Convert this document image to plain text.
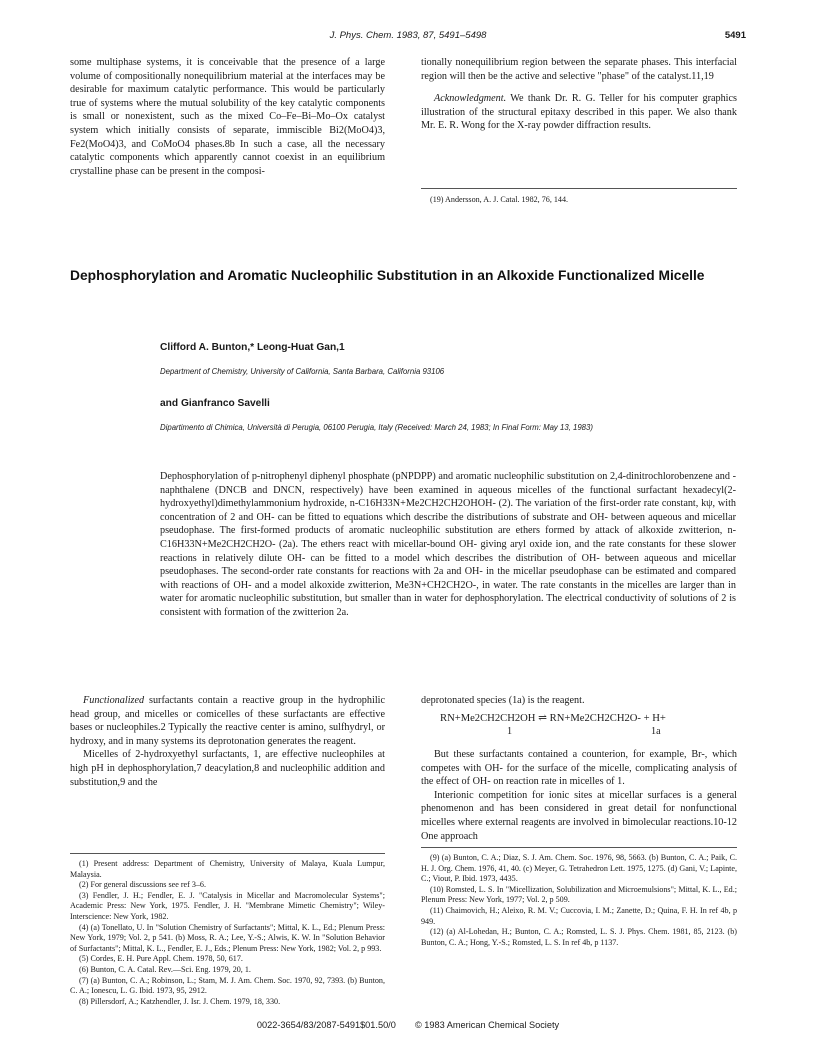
J. Phys. Chem. 1983, 87, 5491–5498	5491

some multiphase systems, it is conceivable that the presence of a large volume of compositionally nonequilibrium material at the interfaces may be desirable for maximum catalytic performance. This would be particularly true of systems where the mutual solubility of the key catalytic components is small or nonexistent, such as the mixed Co–Fe–Bi–Mo–Ox catalyst system which initially consists of separate, immiscible Bi2(MoO4)3, Fe2(MoO4)3, and CoMoO4 phases.8b In such a case, all the necessary catalytic components which apparently cannot coexist in an equilibrium crystalline phase can be present in the composi-

tionally nonequilibrium region between the separate phases. This interfacial region will then be the active and selective "phase" of the catalyst.11,19

Acknowledgment. We thank Dr. R. G. Teller for his computer graphics illustration of the structural epitaxy described in this paper. We also thank Mr. E. R. Wong for the X-ray powder diffraction results.

(19) Andersson, A. J. Catal. 1982, 76, 144.

Dephosphorylation and Aromatic Nucleophilic Substitution in an Alkoxide Functionalized Micelle
Clifford A. Bunton,* Leong-Huat Gan,1
Department of Chemistry, University of California, Santa Barbara, California 93106
and Gianfranco Savelli
Dipartimento di Chimica, Università di Perugia, 06100 Perugia, Italy (Received: March 24, 1983; In Final Form: May 13, 1983)
Dephosphorylation of p-nitrophenyl diphenyl phosphate (pNPDPP) and aromatic nucleophilic substitution on 2,4-dinitrochlorobenzene and -naphthalene (DNCB and DNCN, respectively) have been examined in aqueous micelles of the functional surfactant hexadecyl(2-hydroxyethyl)dimethylammonium hydroxide, n-C16H33N+Me2CH2CH2OHOH- (2). The variation of the first-order rate constant, kψ, with concentration of 2 and OH- can be fitted to equations which describe the distributions of substrate and OH- between aqueous and micellar pseudophase. The first-formed products of aromatic nucleophilic substitution are ethers formed by attack of alkoxide zwitterion, n-C16H33N+Me2CH2CH2O- (2a). The ethers react with micellar-bound OH- giving aryl oxide ion, and the rate constants for these slower reactions in relatively dilute OH- can be fitted to a model which describes the distribution of OH- between aqueous and micellar pseudophases. The second-order rate constants for reactions with 2a and OH- in the micellar pseudophase can be estimated and compared with reactions of OH- and a model alkoxide zwitterion, Me3N+CH2CH2O-, in water. The rate constants in the micelles are larger than in water for aromatic nucleophilic substitution, but smaller than in water for dephosphorylation. The electrical conductivity of solutions of 2 is consistent with formation of the zwitterion 2a.

Functionalized surfactants contain a reactive group in the hydrophilic head group, and micelles or comicelles of these surfactants are effective bases or nucleophiles.2 Typically the reactive center is amino, sulfhydryl, or hydroxy, and in many systems its deprotonation generates the reagent.

Micelles of 2-hydroxyethyl surfactants, 1, are effective nucleophiles at high pH in dephosphorylation,7 deacylation,8 and nucleophilic addition and substitution,9 and the

(1) Present address: Department of Chemistry, University of Malaya, Kuala Lumpur, Malaysia.

(2) For general discussions see ref 3–6.

(3) Fendler, J. H.; Fendler, E. J. "Catalysis in Micellar and Macromolecular Systems"; Academic Press: New York, 1975. Fendler, J. H. "Membrane Mimetic Chemistry"; Wiley-Interscience: New York, 1982.

(4) (a) Tonellato, U. In "Solution Chemistry of Surfactants"; Mittal, K. L., Ed.; Plenum Press: New York, 1979; Vol. 2, p 541. (b) Moss, R. A.; Lee, Y.-S.; Alwis, K. W. In "Solution Behavior of Surfactants"; Mittal, K. L., Fendler, E. J., Eds.; Plenum Press: New York, 1982; Vol. 2, p 993.

(5) Cordes, E. H. Pure Appl. Chem. 1978, 50, 617.

(6) Bunton, C. A. Catal. Rev.—Sci. Eng. 1979, 20, 1.

(7) (a) Bunton, C. A.; Robinson, L.; Stam, M. J. Am. Chem. Soc. 1970, 92, 7393. (b) Bunton, C. A.; Ionescu, L. G. Ibid. 1973, 95, 2912.

(8) Pillersdorf, A.; Katzhendler, J. Isr. J. Chem. 1979, 18, 330.

deprotonated species (1a) is the reagent.

RN+Me2CH2CH2OH ⇌ RN+Me2CH2CH2O- + H+
1	1a

But these surfactants contained a counterion, for example, Br-, which competes with OH- for the surface of the micelle, complicating analysis of the effect of OH- on reaction rate in micelles of 1.

Interionic competition for ionic sites at micellar surfaces is a general phenomenon and has been considered in great detail for nonfunctional micelles where external reagents are involved in bimolecular reactions.10-12 One approach

(9) (a) Bunton, C. A.; Diaz, S. J. Am. Chem. Soc. 1976, 98, 5663. (b) Bunton, C. A.; Paik, C. H. J. Org. Chem. 1976, 41, 40. (c) Meyer, G. Tetrahedron Lett. 1975, 1275. (d) Gani, V.; Lapinte, C.; Viout, P. Ibid. 1973, 4435.

(10) Romsted, L. S. In "Micellization, Solubilization and Microemulsions"; Mittal, K. L., Ed.; Plenum Press: New York, 1977; Vol. 2, p 509.

(11) Chaimovich, H.; Aleixo, R. M. V.; Cuccovia, I. M.; Zanette, D.; Quina, F. H. In ref 4b, p 949.

(12) (a) Al-Lohedan, H.; Bunton, C. A.; Romsted, L. S. J. Phys. Chem. 1981, 85, 2123. (b) Bunton, C. A.; Hong, Y.-S.; Romsted, L. S. In ref 4b, p 1137.

0022-3654/83/2087-5491$01.50/0 © 1983 American Chemical Society
